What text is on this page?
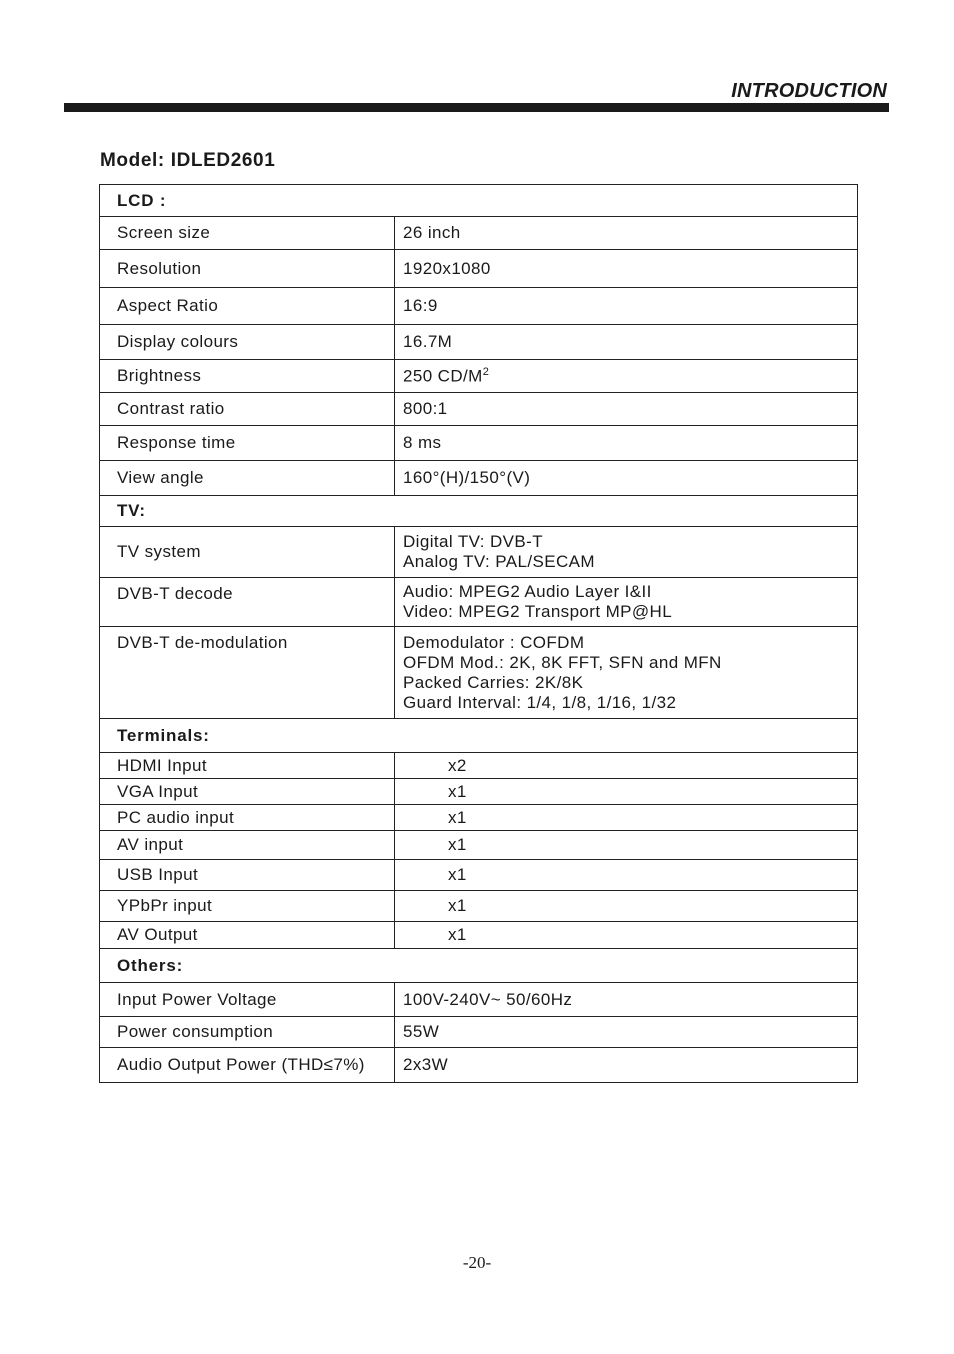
INTRODUCTION
Model: IDLED2601
LCD :	
Screen size	26 inch
Resolution	1920x1080
Aspect Ratio	16:9
Display colours	16.7M
Brightness	250 $CD/M^2$
Contrast ratio	800:1
Response time	8 ms
View angle	160°(H)/150°(V)
TV:	
TV system	Digital TV: DVB-T
Analog TV: PAL/SECAM

DVB-T decode	Audio: MPEG2 Audio Layer I&II
Video: MPEG2 Transport MP@HL

DVB-T de-modulation	Demodulator : COFDM
OFDM Mod.: 2K, 8K FFT, SFN and MFN
Packed Carries: 2K/8K
Guard Interval: 1/4, 1/8, 1/16, 1/32

Terminals:	
HDMI Input	x2
VGA Input	x1
PC audio input	x1
AV input	x1
USB Input	x1
YPbPr input	x1
AV Output	x1
Others:	
Input Power Voltage	100V-240V~ 50/60Hz
Power consumption	55W
Audio Output Power (THD≤7%)	2x3W
-20-
